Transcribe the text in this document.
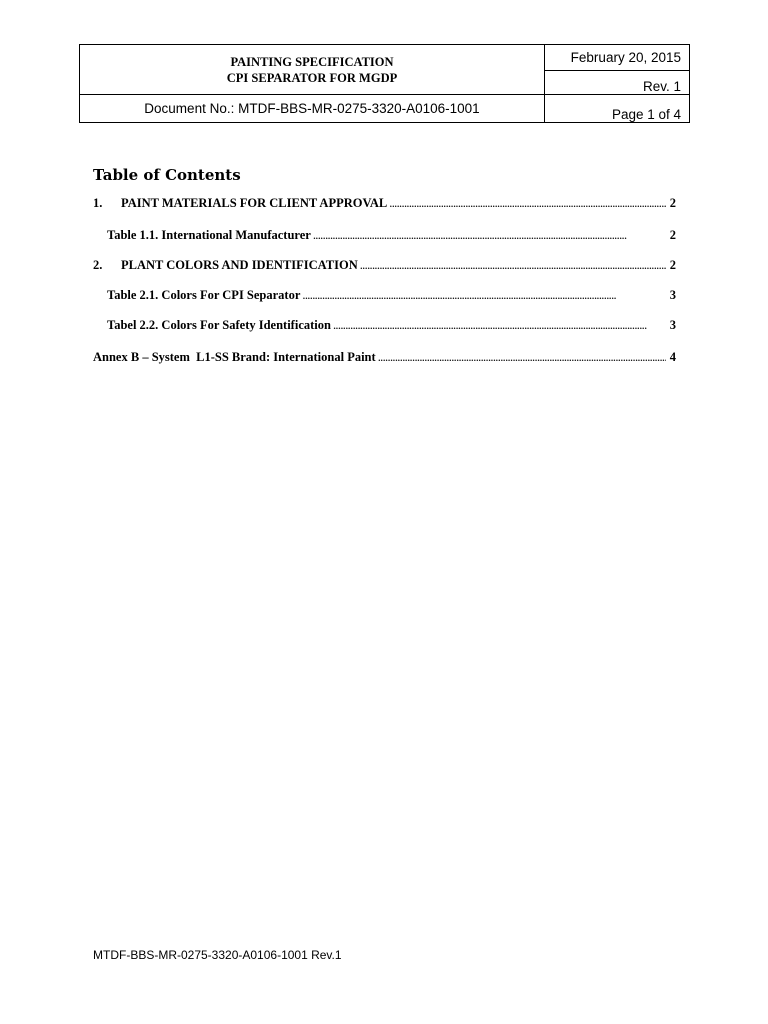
PAINTING SPECIFICATION
CPI SEPARATOR FOR MGDP	February 20, 2015
	Rev. 1
Document No.: MTDF-BBS-MR-0275-3320-A0106-1001	Page 1 of 4
Table of Contents
1.	PAINT MATERIALS FOR CLIENT APPROVAL . . .	2
Table 1.1. International Manufacturer . . .	2
2.	PLANT COLORS AND IDENTIFICATION . . .	2
Table 2.1. Colors For CPI Separator . . .	3
Tabel 2.2. Colors For Safety Identification . . .	3
Annex B – System  L1-SS Brand: International Paint . . .	4
MTDF-BBS-MR-0275-3320-A0106-1001 Rev.1
